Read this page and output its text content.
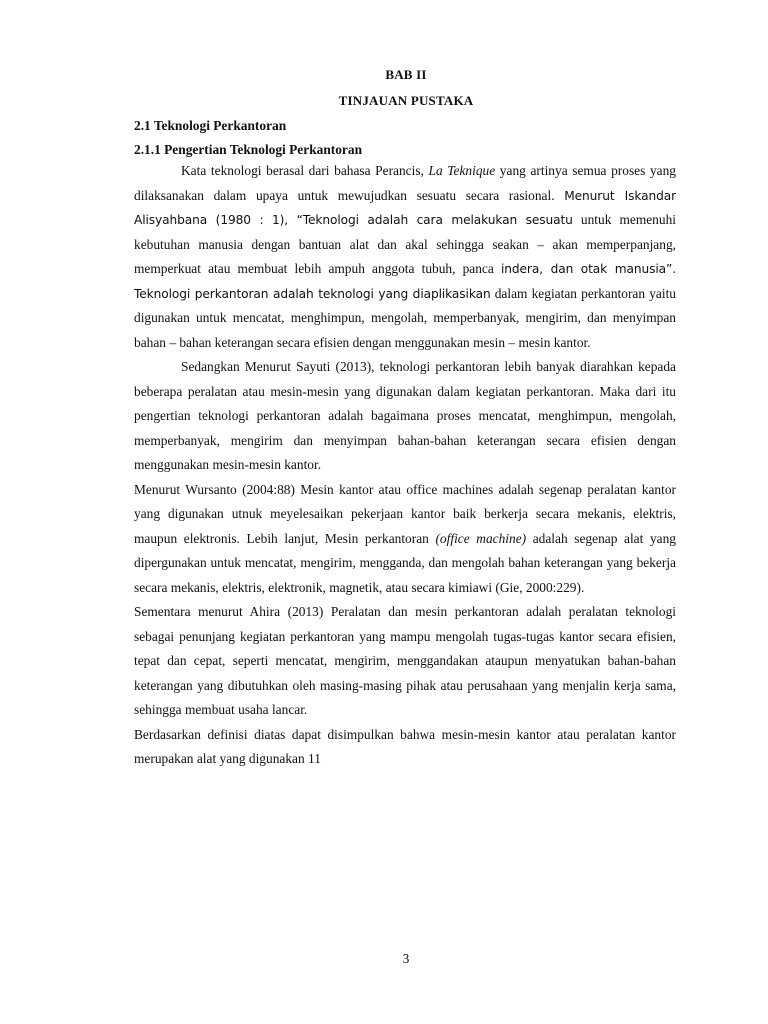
BAB II
TINJAUAN PUSTAKA
2.1 Teknologi Perkantoran
2.1.1 Pengertian Teknologi Perkantoran

Kata teknologi berasal dari bahasa Perancis, La Teknique yang artinya semua proses yang dilaksanakan dalam upaya untuk mewujudkan sesuatu secara rasional. Menurut Iskandar Alisyahbana (1980 : 1), “Teknologi adalah cara melakukan sesuatu untuk memenuhi kebutuhan manusia dengan bantuan alat dan akal sehingga seakan – akan memperpanjang, memperkuat atau membuat lebih ampuh anggota tubuh, panca indera, dan otak manusia”. Teknologi perkantoran adalah teknologi yang diaplikasikan dalam kegiatan perkantoran yaitu digunakan untuk mencatat, menghimpun, mengolah, memperbanyak, mengirim, dan menyimpan bahan – bahan keterangan secara efisien dengan menggunakan mesin – mesin kantor.

Sedangkan Menurut Sayuti (2013), teknologi perkantoran lebih banyak diarahkan kepada beberapa peralatan atau mesin-mesin yang digunakan dalam kegiatan perkantoran. Maka dari itu pengertian teknologi perkantoran adalah bagaimana proses mencatat, menghimpun, mengolah, memperbanyak, mengirim dan menyimpan bahan-bahan keterangan secara efisien dengan menggunakan mesin-mesin kantor.

Menurut Wursanto (2004:88) Mesin kantor atau office machines adalah segenap peralatan kantor yang digunakan utnuk meyelesaikan pekerjaan kantor baik berkerja secara mekanis, elektris, maupun elektronis. Lebih lanjut, Mesin perkantoran (office machine) adalah segenap alat yang dipergunakan untuk mencatat, mengirim, mengganda, dan mengolah bahan keterangan yang bekerja secara mekanis, elektris, elektronik, magnetik, atau secara kimiawi (Gie, 2000:229).

Sementara menurut Ahira (2013) Peralatan dan mesin perkantoran adalah peralatan teknologi sebagai penunjang kegiatan perkantoran yang mampu mengolah tugas-tugas kantor secara efisien, tepat dan cepat, seperti mencatat, mengirim, menggandakan ataupun menyatukan bahan-bahan keterangan yang dibutuhkan oleh masing-masing pihak atau perusahaan yang menjalin kerja sama, sehingga membuat usaha lancar.

Berdasarkan definisi diatas dapat disimpulkan bahwa mesin-mesin kantor atau peralatan kantor merupakan alat yang digunakan 11

3
